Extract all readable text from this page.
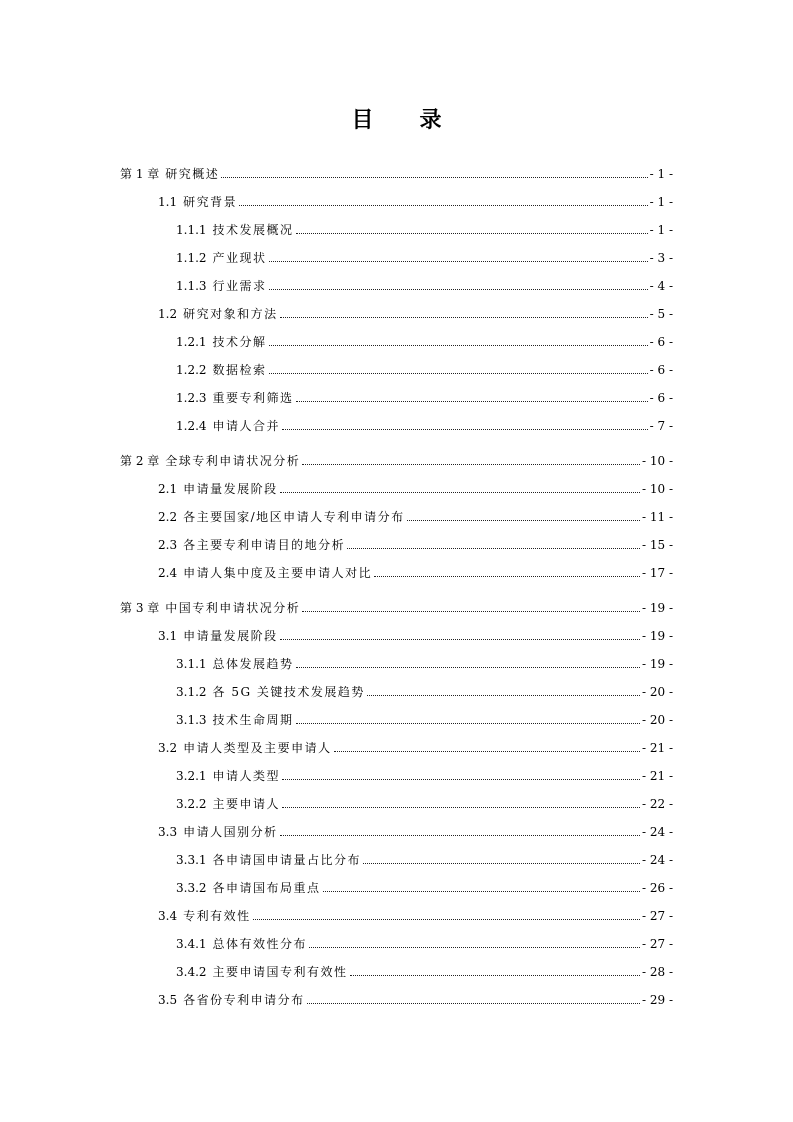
目 录
第 1 章 研究概述	- 1 -
1.1 研究背景	- 1 -
1.1.1 技术发展概况	- 1 -
1.1.2 产业现状	- 3 -
1.1.3 行业需求	- 4 -
1.2 研究对象和方法	- 5 -
1.2.1 技术分解	- 6 -
1.2.2 数据检索	- 6 -
1.2.3 重要专利筛选	- 6 -
1.2.4 申请人合并	- 7 -
第 2 章 全球专利申请状况分析	- 10 -
2.1 申请量发展阶段	- 10 -
2.2 各主要国家/地区申请人专利申请分布	- 11 -
2.3 各主要专利申请目的地分析	- 15 -
2.4 申请人集中度及主要申请人对比	- 17 -
第 3 章 中国专利申请状况分析	- 19 -
3.1 申请量发展阶段	- 19 -
3.1.1 总体发展趋势	- 19 -
3.1.2 各 5G 关键技术发展趋势	- 20 -
3.1.3 技术生命周期	- 20 -
3.2 申请人类型及主要申请人	- 21 -
3.2.1 申请人类型	- 21 -
3.2.2 主要申请人	- 22 -
3.3 申请人国别分析	- 24 -
3.3.1 各申请国申请量占比分布	- 24 -
3.3.2 各申请国布局重点	- 26 -
3.4 专利有效性	- 27 -
3.4.1 总体有效性分布	- 27 -
3.4.2 主要申请国专利有效性	- 28 -
3.5 各省份专利申请分布	- 29 -
